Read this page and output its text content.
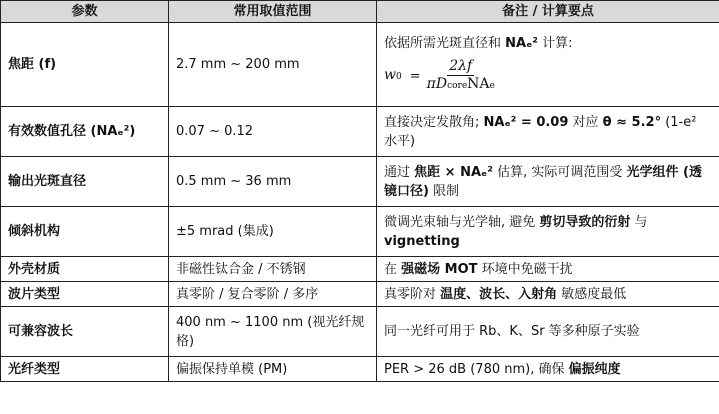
参数	常用取值范围	备注 / 计算要点
焦距 (f)	2.7 mm ~ 200 mm	依据所需光斑直径和 NAₑ² 计算:
$w0 = \frac{2\lambda f}{\text{πDcoreNAe}}$

有效数值孔径 (NAₑ²)	0.07 ~ 0.12	直接决定发散角; NAₑ² = 0.09 对应 θ ≈ 5.2° (1-e² 水平)
输出光斑直径	0.5 mm ~ 36 mm	通过 焦距 × NAₑ² 估算, 实际可调范围受 光学组件 (透镜口径) 限制
倾斜机构	±5 mrad (集成)	微调光束轴与光学轴, 避免 剪切导致的衍射 与 vignetting
外壳材质	非磁性钛合金 / 不锈钢	在 强磁场 MOT 环境中免磁干扰
波片类型	真零阶 / 复合零阶 / 多序	真零阶对 温度、波长、入射角 敏感度最低
可兼容波长	400 nm ~ 1100 nm (视光纤规格)	同一光纤可用于 Rb、K、Sr 等多种原子实验
光纤类型	偏振保持单模 (PM)	PER > 26 dB (780 nm), 确保 偏振纯度
